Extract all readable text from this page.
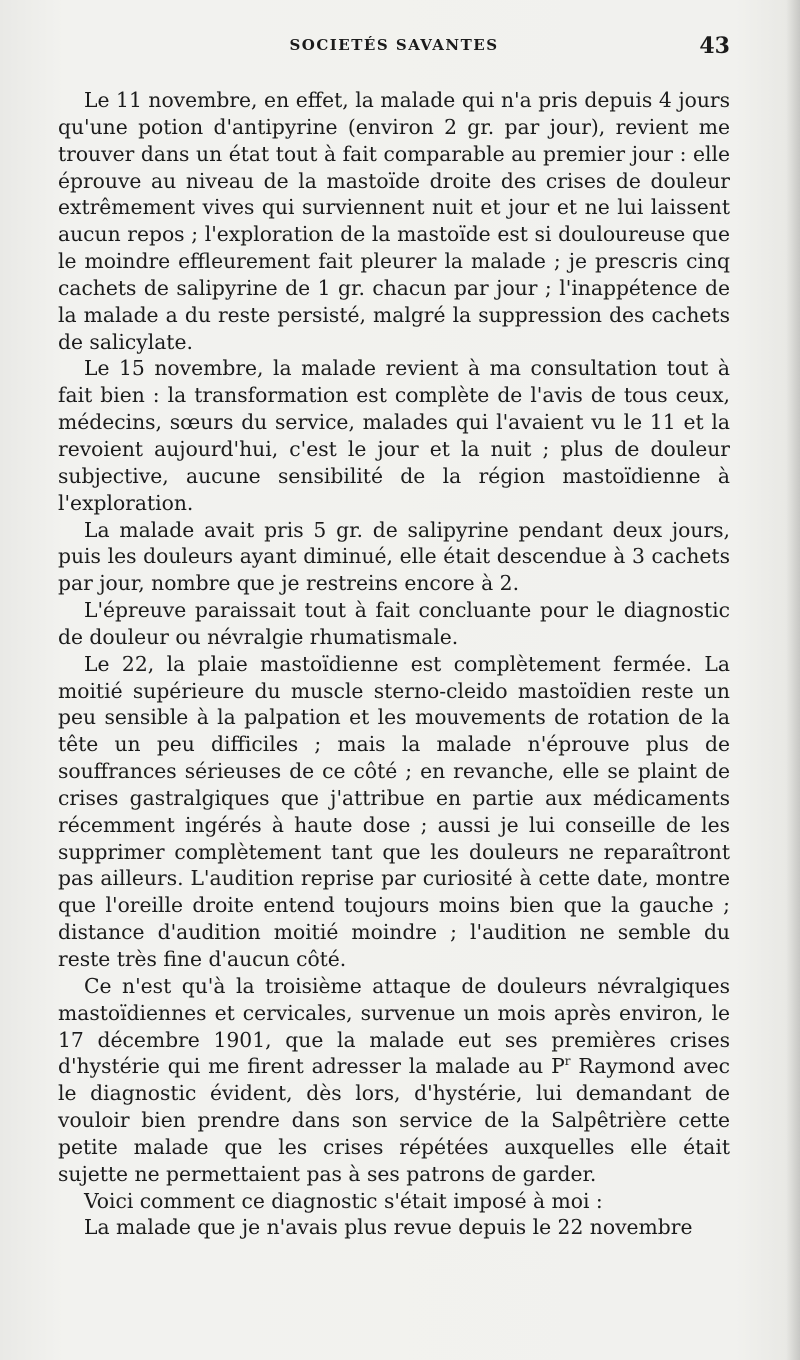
SOCIETÉS SAVANTES	43

Le 11 novembre, en effet, la malade qui n'a pris depuis 4 jours qu'une potion d'antipyrine (environ 2 gr. par jour), revient me trouver dans un état tout à fait comparable au premier jour : elle éprouve au niveau de la mastoïde droite des crises de douleur extrêmement vives qui surviennent nuit et jour et ne lui laissent aucun repos ; l'exploration de la mastoïde est si douloureuse que le moindre effleurement fait pleurer la malade ; je prescris cinq cachets de salipyrine de 1 gr. chacun par jour ; l'inappétence de la malade a du reste persisté, malgré la suppression des cachets de salicylate.

Le 15 novembre, la malade revient à ma consultation tout à fait bien : la transformation est complète de l'avis de tous ceux, médecins, sœurs du service, malades qui l'avaient vu le 11 et la revoient aujourd'hui, c'est le jour et la nuit ; plus de douleur subjective, aucune sensibilité de la région mastoïdienne à l'exploration.

La malade avait pris 5 gr. de salipyrine pendant deux jours, puis les douleurs ayant diminué, elle était descendue à 3 cachets par jour, nombre que je restreins encore à 2.

L'épreuve paraissait tout à fait concluante pour le diagnostic de douleur ou névralgie rhumatismale.

Le 22, la plaie mastoïdienne est complètement fermée. La moitié supérieure du muscle sterno-cleido mastoïdien reste un peu sensible à la palpation et les mouvements de rotation de la tête un peu difficiles ; mais la malade n'éprouve plus de souffrances sérieuses de ce côté ; en revanche, elle se plaint de crises gastralgiques que j'attribue en partie aux médicaments récemment ingérés à haute dose ; aussi je lui conseille de les supprimer complètement tant que les douleurs ne reparaîtront pas ailleurs. L'audition reprise par curiosité à cette date, montre que l'oreille droite entend toujours moins bien que la gauche ; distance d'audition moitié moindre ; l'audition ne semble du reste très fine d'aucun côté.

Ce n'est qu'à la troisième attaque de douleurs névralgiques mastoïdiennes et cervicales, survenue un mois après environ, le 17 décembre 1901, que la malade eut ses premières crises d'hystérie qui me firent adresser la malade au $P^r$ Raymond avec le diagnostic évident, dès lors, d'hystérie, lui demandant de vouloir bien prendre dans son service de la Salpêtrière cette petite malade que les crises répétées auxquelles elle était sujette ne permettaient pas à ses patrons de garder.

Voici comment ce diagnostic s'était imposé à moi :

La malade que je n'avais plus revue depuis le 22 novembre
